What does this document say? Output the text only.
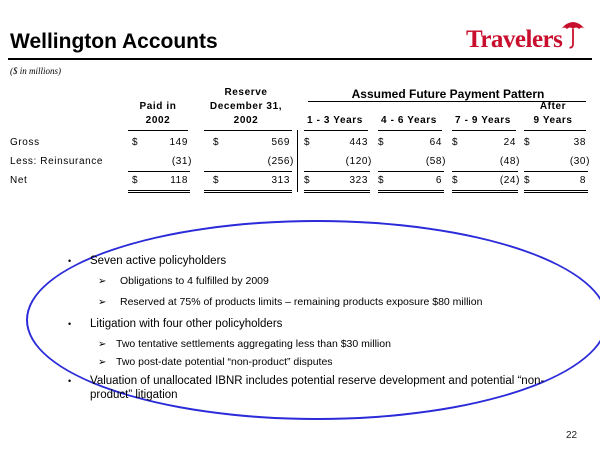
Wellington Accounts	Travelers
($ in millions)
Assumed Future Payment Pattern
Paid in
2002
Reserve
December 31,
2002	1 - 3 Years	4 - 6 Years	7 - 9 Years
After
9 Years
Gross	$	149	$	569 $	443 $	64 $	24 $	38
Less: Reinsurance	(31)	(256)	(120)	(58)	(48)	(30)
Net	$	118	$	313 $	323 $	6 $	(24) $	8
• Seven active policyholders
➢ Obligations to 4 fulfilled by 2009
➢ Reserved at 75% of products limits – remaining products exposure $80 million
• Litigation with four other policyholders
➢ Two tentative settlements aggregating less than $30 million
➢ Two post-date potential “non-product” disputes
• Valuation of unallocated IBNR includes potential reserve development and potential “non-product” litigation
22
